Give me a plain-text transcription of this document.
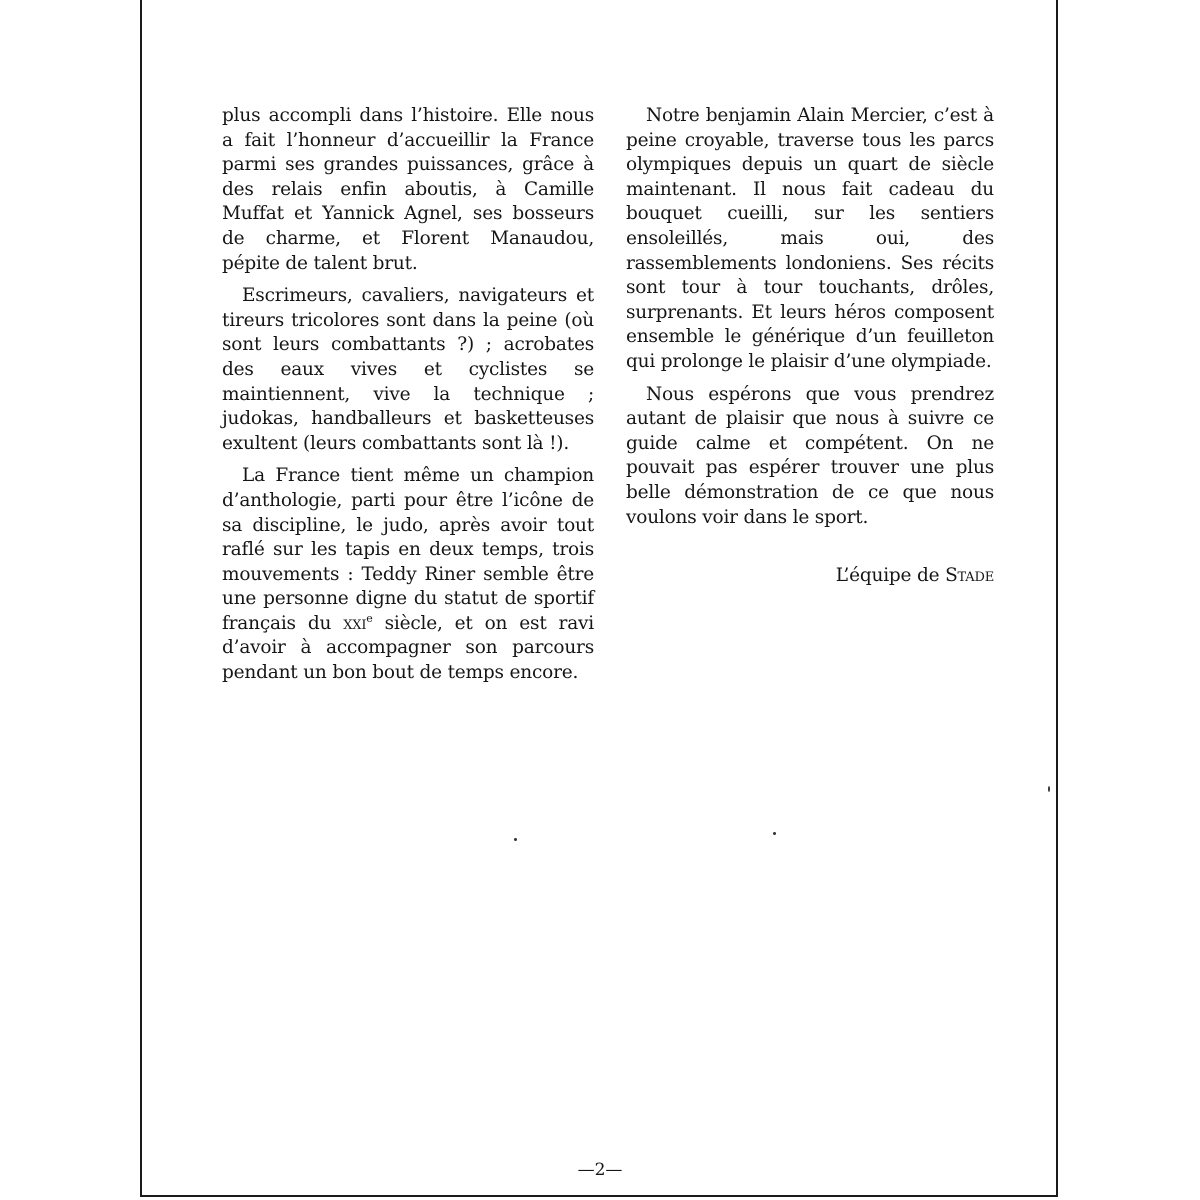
plus accompli dans l’histoire. Elle nous a fait l’honneur d’accueillir la France parmi ses grandes puissances, grâce à des relais enfin aboutis, à Camille Muffat et Yannick Agnel, ses bosseurs de charme, et Florent Manaudou, pépite de talent brut.

Escrimeurs, cavaliers, navigateurs et tireurs tricolores sont dans la peine (où sont leurs combattants ?) ; acrobates des eaux vives et cyclistes se maintiennent, vive la technique ; judokas, handballeurs et basketteuses exultent (leurs combattants sont là !).

La France tient même un champion d’anthologie, parti pour être l’icône de sa discipline, le judo, après avoir tout raflé sur les tapis en deux temps, trois mouvements : Teddy Riner semble être une personne digne du statut de sportif français du xxi$^e$ siècle, et on est ravi d’avoir à accompagner son parcours pendant un bon bout de temps encore.

Notre benjamin Alain Mercier, c’est à peine croyable, traverse tous les parcs olympiques depuis un quart de siècle maintenant. Il nous fait cadeau du bouquet cueilli, sur les sentiers ensoleillés, mais oui, des rassemblements londoniens. Ses récits sont tour à tour touchants, drôles, surprenants. Et leurs héros composent ensemble le générique d’un feuilleton qui prolonge le plaisir d’une olympiade.

Nous espérons que vous prendrez autant de plaisir que nous à suivre ce guide calme et compétent. On ne pouvait pas espérer trouver une plus belle démonstration de ce que nous voulons voir dans le sport.

L’équipe de Stade

—2—
